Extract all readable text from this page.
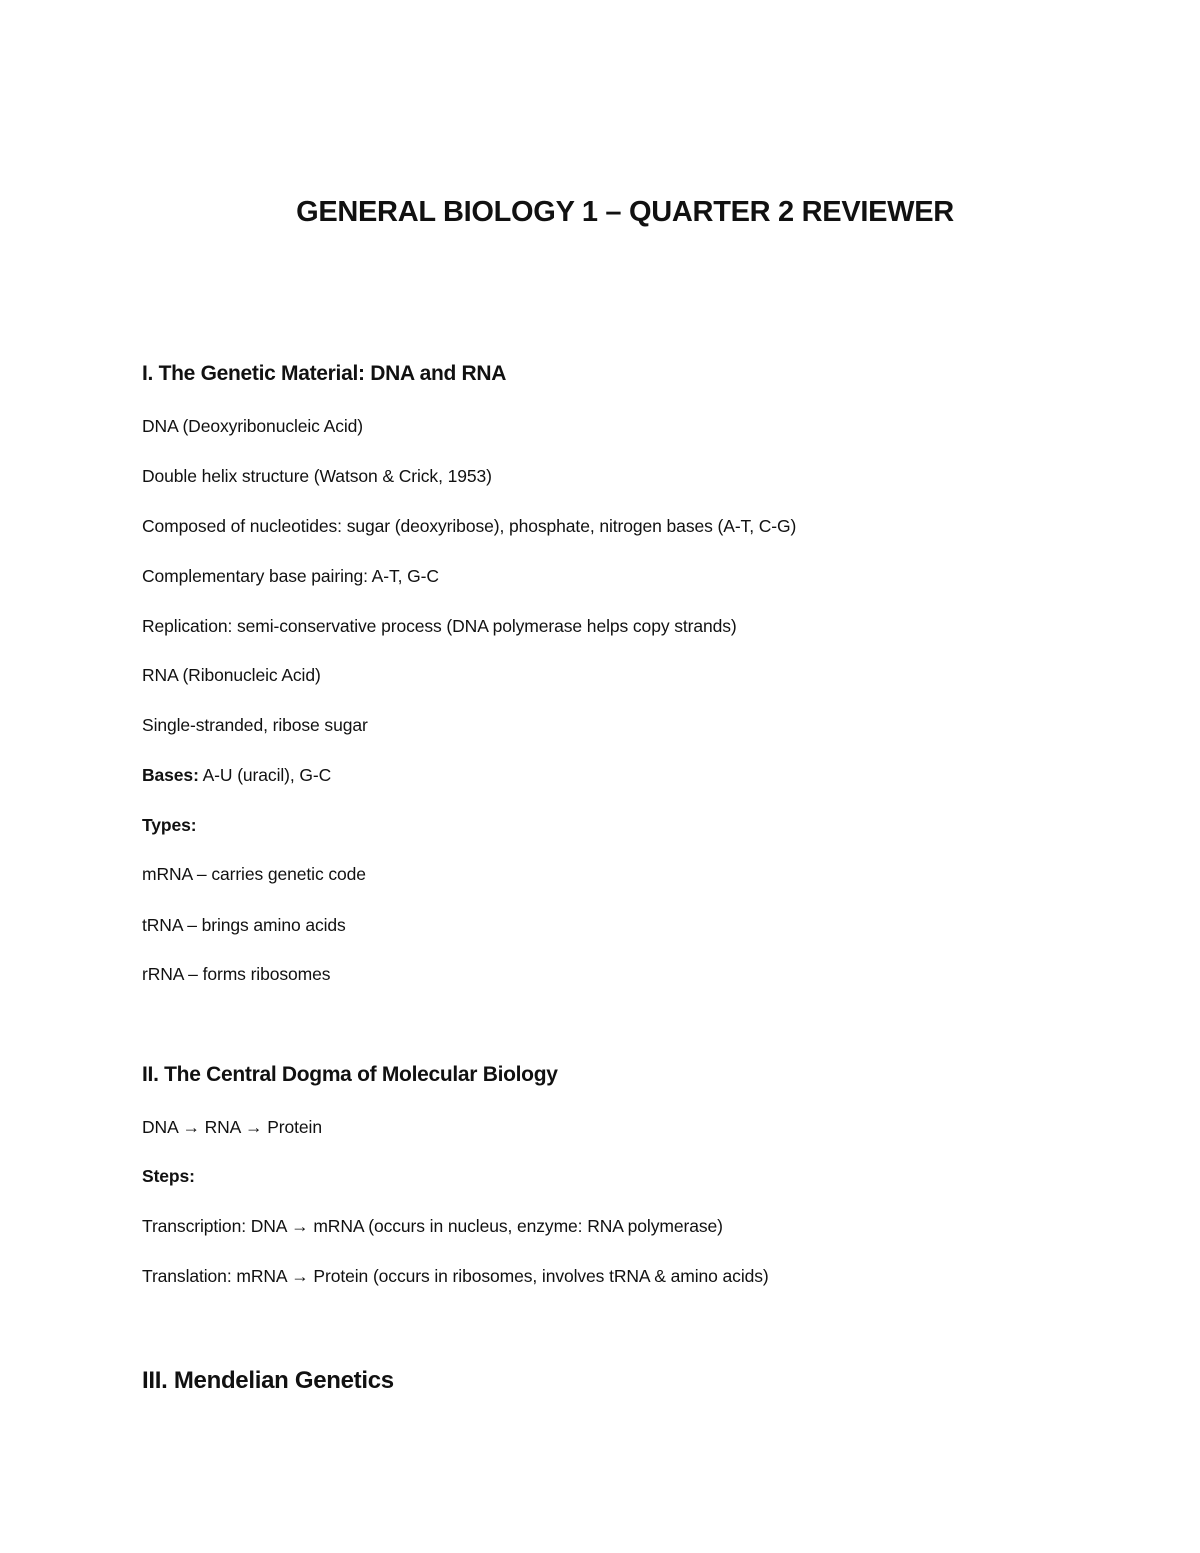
GENERAL BIOLOGY 1 – QUARTER 2 REVIEWER
I. The Genetic Material: DNA and RNA
DNA (Deoxyribonucleic Acid)
Double helix structure (Watson & Crick, 1953)
Composed of nucleotides: sugar (deoxyribose), phosphate, nitrogen bases (A-T, C-G)
Complementary base pairing: A-T, G-C
Replication: semi-conservative process (DNA polymerase helps copy strands)
RNA (Ribonucleic Acid)
Single-stranded, ribose sugar
Bases: A-U (uracil), G-C
Types:
mRNA – carries genetic code
tRNA – brings amino acids
rRNA – forms ribosomes
II. The Central Dogma of Molecular Biology
DNA → RNA → Protein
Steps:
Transcription: DNA → mRNA (occurs in nucleus, enzyme: RNA polymerase)
Translation: mRNA → Protein (occurs in ribosomes, involves tRNA & amino acids)
III. Mendelian Genetics
